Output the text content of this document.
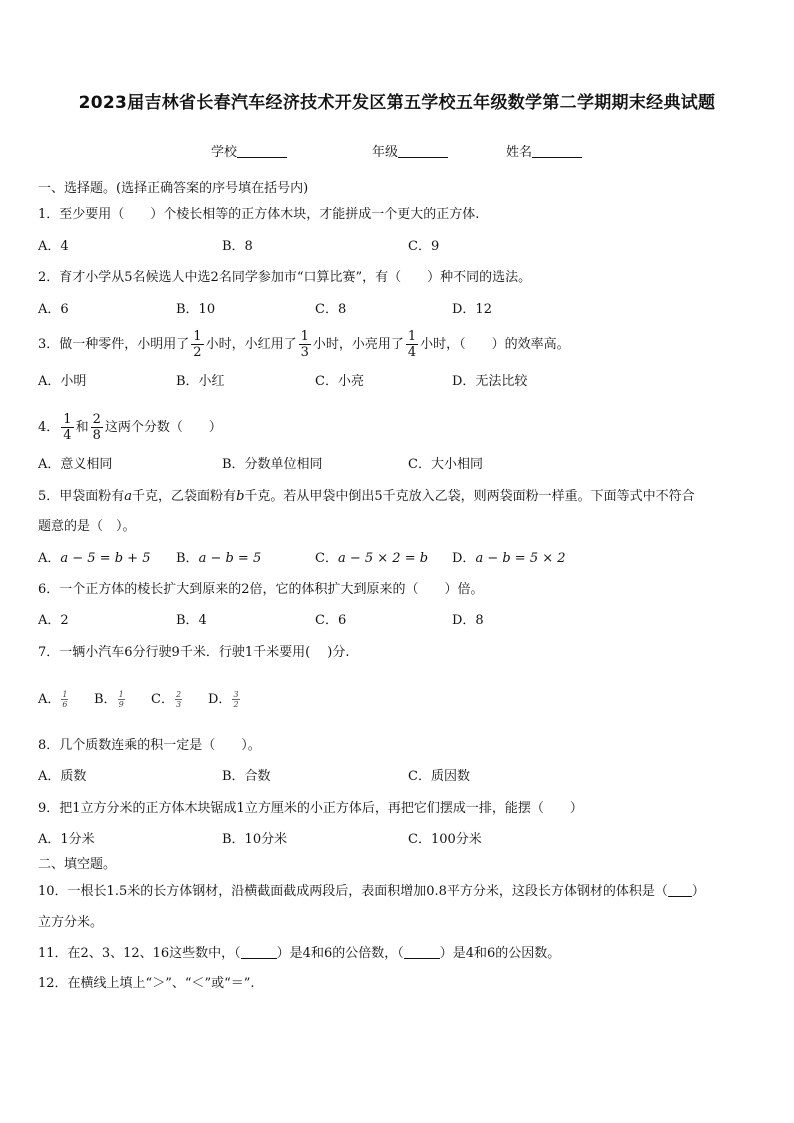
2023届吉林省长春汽车经济技术开发区第五学校五年级数学第二学期期末经典试题
学校	年级	姓名
一、选择题。(选择正确答案的序号填在括号内)
1．至少要用（　　）个棱长相等的正方体木块，才能拼成一个更大的正方体.
A．4	B．8	C．9
2．育才小学从5名候选人中选2名同学参加市“口算比赛”，有（　　）种不同的选法。
A．6	B．10	C．8	D．12
3．做一种零件，小明用了 $\frac{1}{2}$ 小时，小红用了 $\frac{1}{3}$ 小时，小亮用了 $\frac{1}{4}$ 小时，（　　）的效率高。
A．小明	B．小红	C．小亮	D．无法比较
4． $\frac{1}{4}$ 和 $\frac{2}{8}$ 这两个分数（　　）
A．意义相同	B．分数单位相同	C．大小相同
5．甲袋面粉有a千克，乙袋面粉有b千克。若从甲袋中倒出5千克放入乙袋，则两袋面粉一样重。下面等式中不符合
题意的是（　）。
A．a − 5 = b + 5 B．a − b = 5	C．a − 5 × 2 = b D．a − b = 5 × 2
6．一个正方体的棱长扩大到原来的2倍，它的体积扩大到原来的（　　）倍。
A．2	B．4	C．6	D．8
7．一辆小汽车6分行驶9千米．行驶1千米要用(　 )分.
A． $\frac{1}{6}$ B． $\frac{1}{9}$ C． $\frac{2}{3}$ D． $\frac{3}{2}$
8．几个质数连乘的积一定是（　　）。
A．质数	B．合数	C．质因数
9．把1立方分米的正方体木块锯成1立方厘米的小正方体后，再把它们摆成一排，能摆（　　）
A．1分米	B．10分米	C．100分米
二、填空题。
10．一根长1.5米的长方体钢材，沿横截面截成两段后，表面积增加0.8平方分米，这段长方体钢材的体积是（ ）
立方分米。
11．在2、3、12、16这些数中，（	）是4和6的公倍数，（	）是4和6的公因数。
12．在横线上填上“＞”、“＜”或“＝”.
